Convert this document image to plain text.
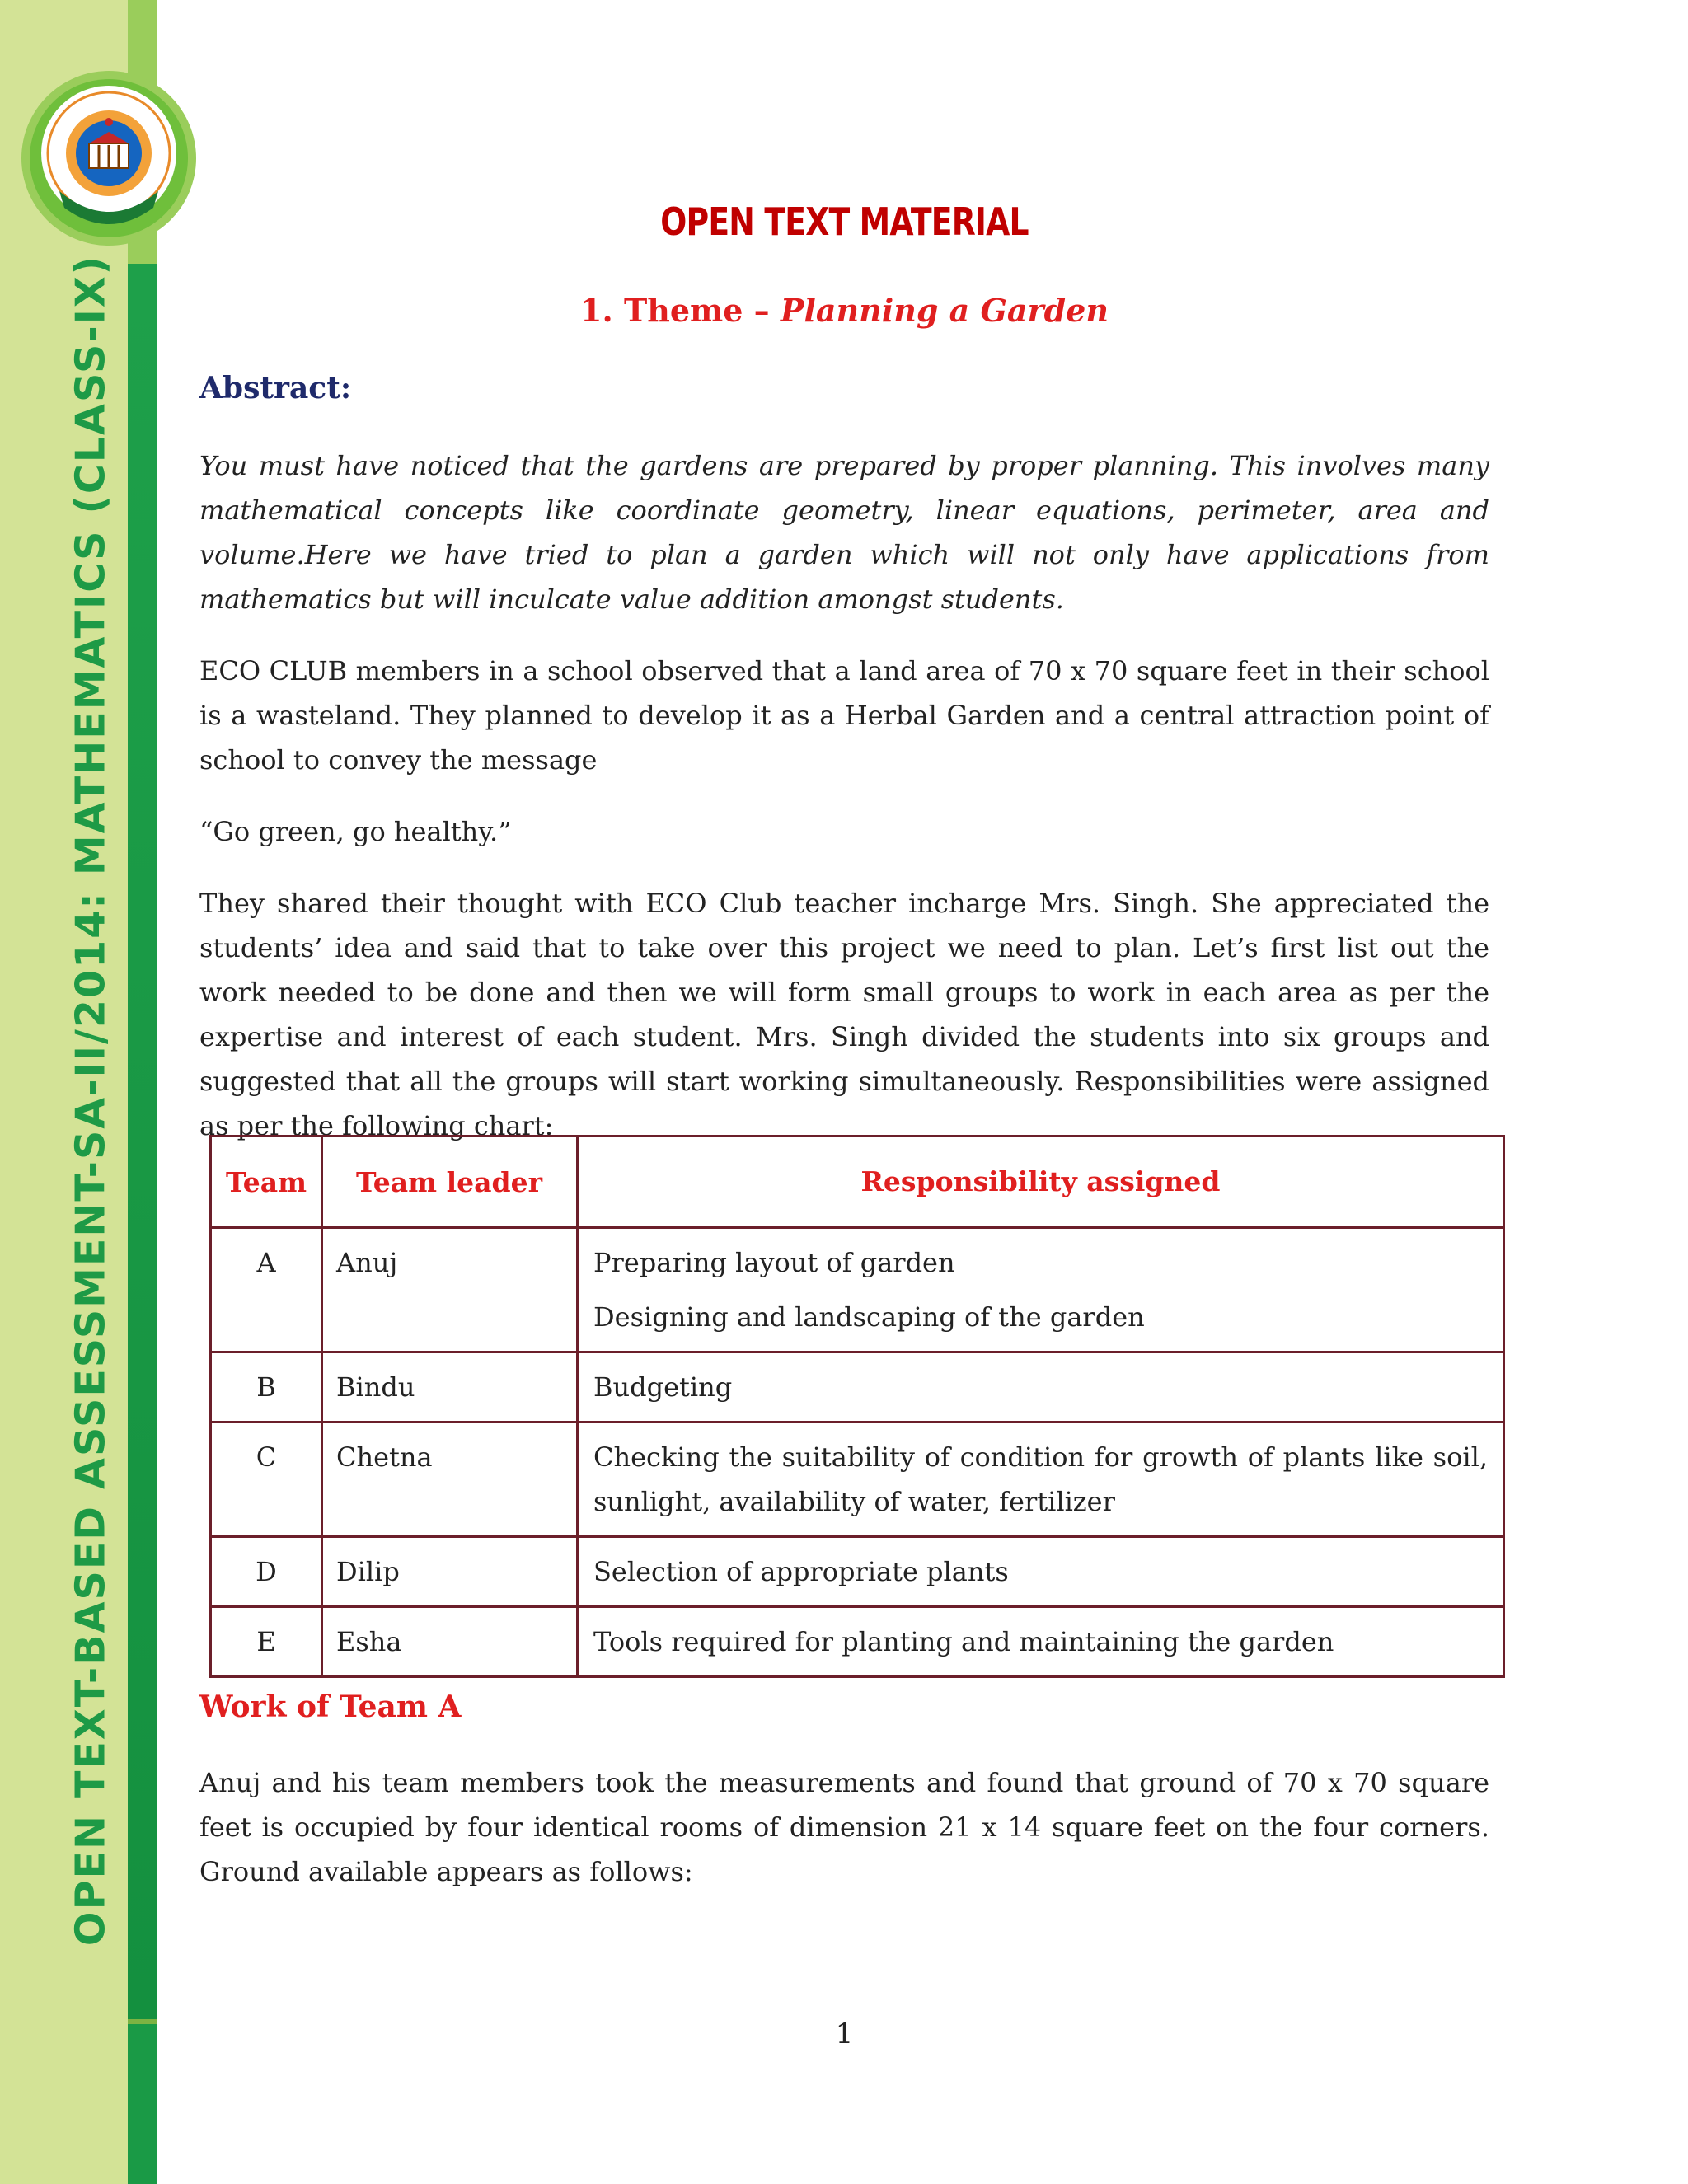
OPEN TEXT-BASED ASSESSMENT-SA-II/2014: MATHEMATICS (CLASS-IX)
OPEN TEXT MATERIAL
1. Theme – Planning a Garden
Abstract:
You must have noticed that the gardens are prepared by proper planning. This involves many mathematical concepts like coordinate geometry, linear equations, perimeter, area and volume.Here we have tried to plan a garden which will not only have applications from mathematics but will inculcate value addition amongst students.
ECO CLUB members in a school observed that a land area of 70 x 70 square feet in their school is a wasteland. They planned to develop it as a Herbal Garden and a central attraction point of school to convey the message
“Go green, go healthy.”
They shared their thought with ECO Club teacher incharge Mrs. Singh. She appreciated the students’ idea and said that to take over this project we need to plan. Let’s first list out the work needed to be done and then we will form small groups to work in each area as per the expertise and interest of each student. Mrs. Singh divided the students into six groups and suggested that all the groups will start working simultaneously. Responsibilities were assigned as per the following chart:
Team	Team leader	Responsibility assigned
A	Anuj	Preparing layout of garden
Designing and landscaping of the garden

B	Bindu	Budgeting

C	Chetna	Checking the suitability of condition for growth of plants like soil, sunlight, availability of water, fertilizer

D	Dilip	Selection of appropriate plants

E	Esha	Tools required for planting and maintaining the garden
Work of Team A
Anuj and his team members took the measurements and found that ground of 70 x 70 square feet is occupied by four identical rooms of dimension 21 x 14 square feet on the four corners. Ground available appears as follows:
1
